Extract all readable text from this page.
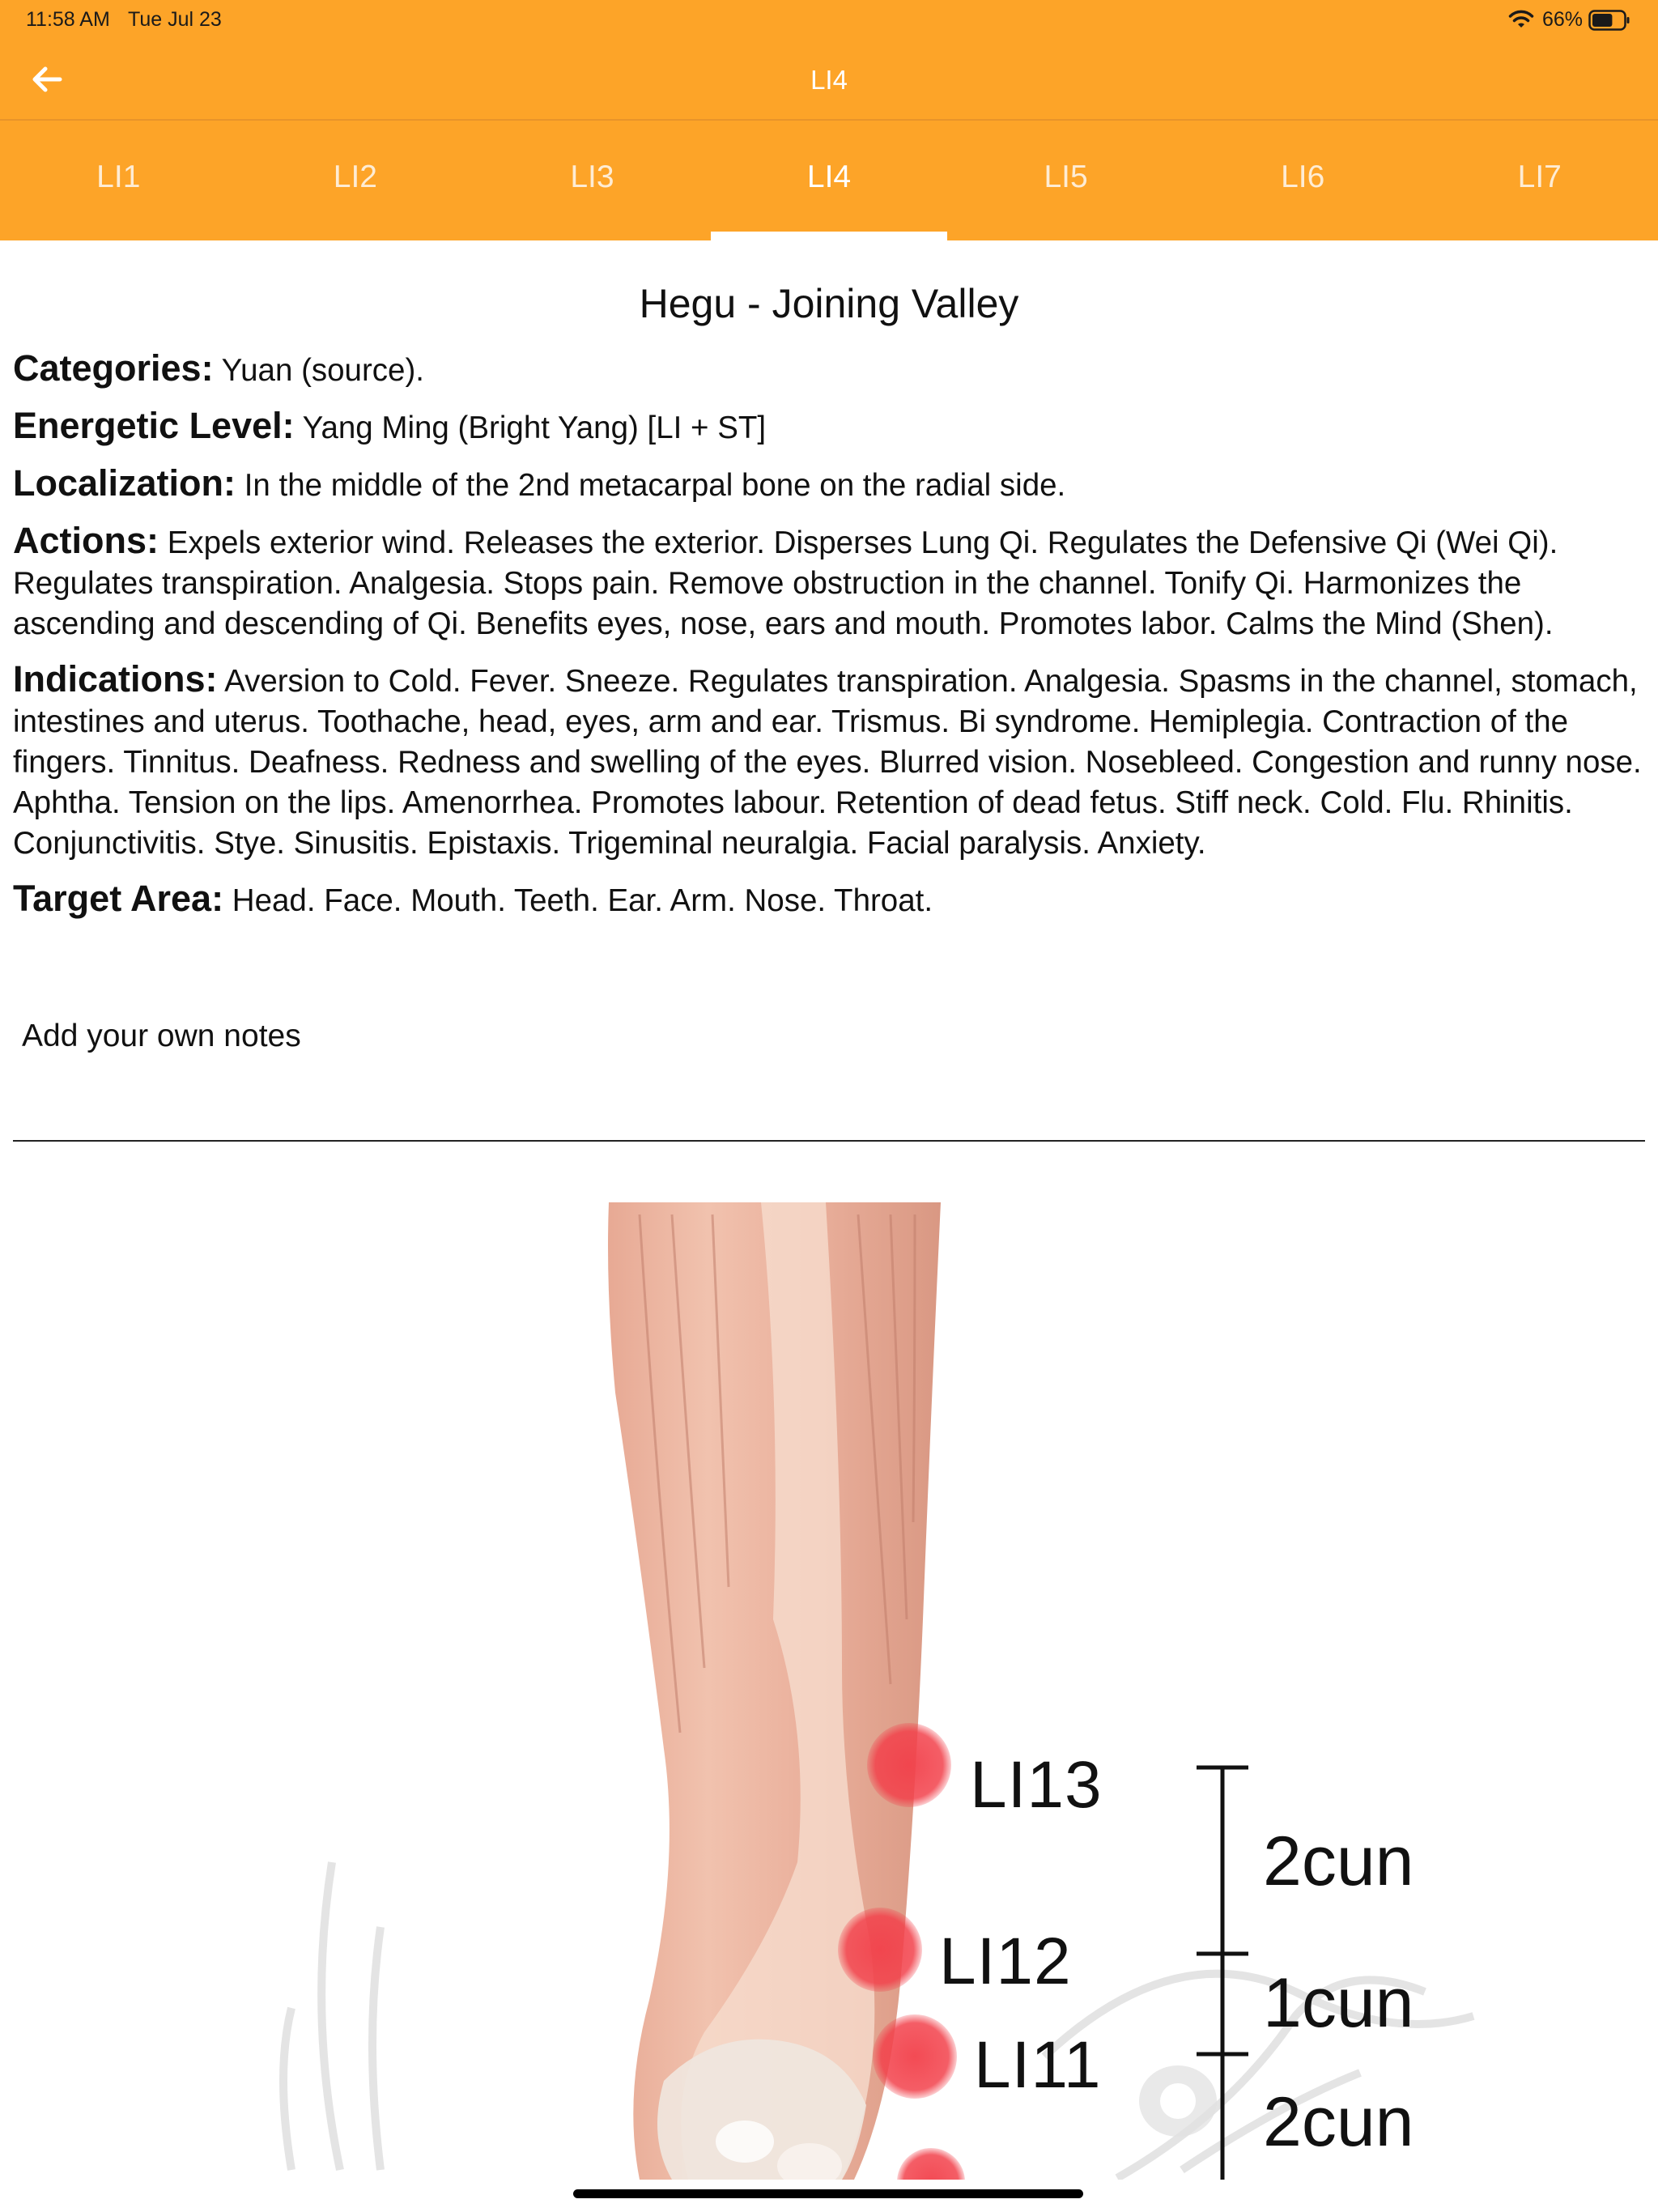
11:58 AM Tue Jul 23	66%
LI4
LI1	LI2	LI3	LI4	LI5	LI6	LI7
Hegu - Joining Valley

Categories: Yuan (source).

Energetic Level: Yang Ming (Bright Yang) [LI + ST]

Localization: In the middle of the 2nd metacarpal bone on the radial side.

Actions: Expels exterior wind. Releases the exterior. Disperses Lung Qi. Regulates the Defensive Qi (Wei Qi). Regulates transpiration. Analgesia. Stops pain. Remove obstruction in the channel. Tonify Qi. Harmonizes the ascending and descending of Qi. Benefits eyes, nose, ears and mouth. Promotes labor. Calms the Mind (Shen).

Indications: Aversion to Cold. Fever. Sneeze. Regulates transpiration. Analgesia. Spasms in the channel, stomach, intestines and uterus. Toothache, head, eyes, arm and ear. Trismus. Bi syndrome. Hemiplegia. Contraction of the fingers. Tinnitus. Deafness. Redness and swelling of the eyes. Blurred vision. Nosebleed. Congestion and runny nose. Aphtha. Tension on the lips. Amenorrhea. Promotes labour. Retention of dead fetus. Stiff neck. Cold. Flu. Rhinitis. Conjunctivitis. Stye. Sinusitis. Epistaxis. Trigeminal neuralgia. Facial paralysis. Anxiety.

Target Area: Head. Face. Mouth. Teeth. Ear. Arm. Nose. Throat.

Add your own notes
LI13
LI12
LI11
2cun
1cun
2cun
